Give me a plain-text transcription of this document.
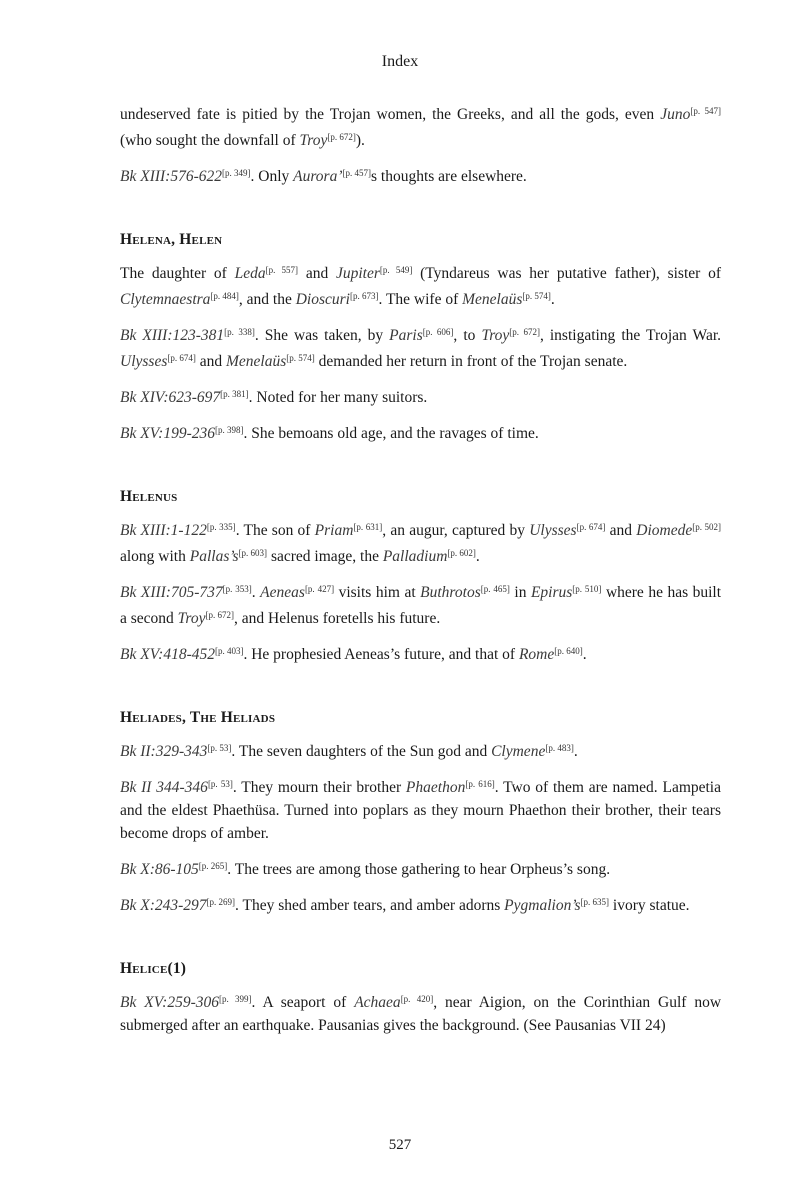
Index

undeserved fate is pitied by the Trojan women, the Greeks, and all the gods, even Juno[p. 547] (who sought the downfall of Troy[p. 672]).

Bk XIII:576-622[p. 349]. Only Aurora’[p. 457]s thoughts are elsewhere.

Helena, Helen

The daughter of Leda[p. 557] and Jupiter[p. 549] (Tyndareus was her putative father), sister of Clytemnaestra[p. 484], and the Dioscuri[p. 673]. The wife of Menelaüs[p. 574].

Bk XIII:123-381[p. 338]. She was taken, by Paris[p. 606], to Troy[p. 672], instigating the Trojan War. Ulysses[p. 674] and Menelaüs[p. 574] demanded her return in front of the Trojan senate.

Bk XIV:623-697[p. 381]. Noted for her many suitors.

Bk XV:199-236[p. 398]. She bemoans old age, and the ravages of time.

Helenus

Bk XIII:1-122[p. 335]. The son of Priam[p. 631], an augur, captured by Ulysses[p. 674] and Diomede[p. 502] along with Pallas’s[p. 603] sacred image, the Palladium[p. 602].

Bk XIII:705-737[p. 353]. Aeneas[p. 427] visits him at Buthrotos[p. 465] in Epirus[p. 510] where he has built a second Troy[p. 672], and Helenus foretells his future.

Bk XV:418-452[p. 403]. He prophesied Aeneas’s future, and that of Rome[p. 640].

Heliades, The Heliads

Bk II:329-343[p. 53]. The seven daughters of the Sun god and Clymene[p. 483].

Bk II 344-346[p. 53]. They mourn their brother Phaethon[p. 616]. Two of them are named. Lampetia and the eldest Phaethüsa. Turned into poplars as they mourn Phaethon their brother, their tears become drops of amber.

Bk X:86-105[p. 265]. The trees are among those gathering to hear Orpheus’s song.

Bk X:243-297[p. 269]. They shed amber tears, and amber adorns Pygmalion’s[p. 635] ivory statue.

Helice(1)

Bk XV:259-306[p. 399]. A seaport of Achaea[p. 420], near Aigion, on the Corinthian Gulf now submerged after an earthquake. Pausanias gives the background. (See Pausanias VII 24)

527
